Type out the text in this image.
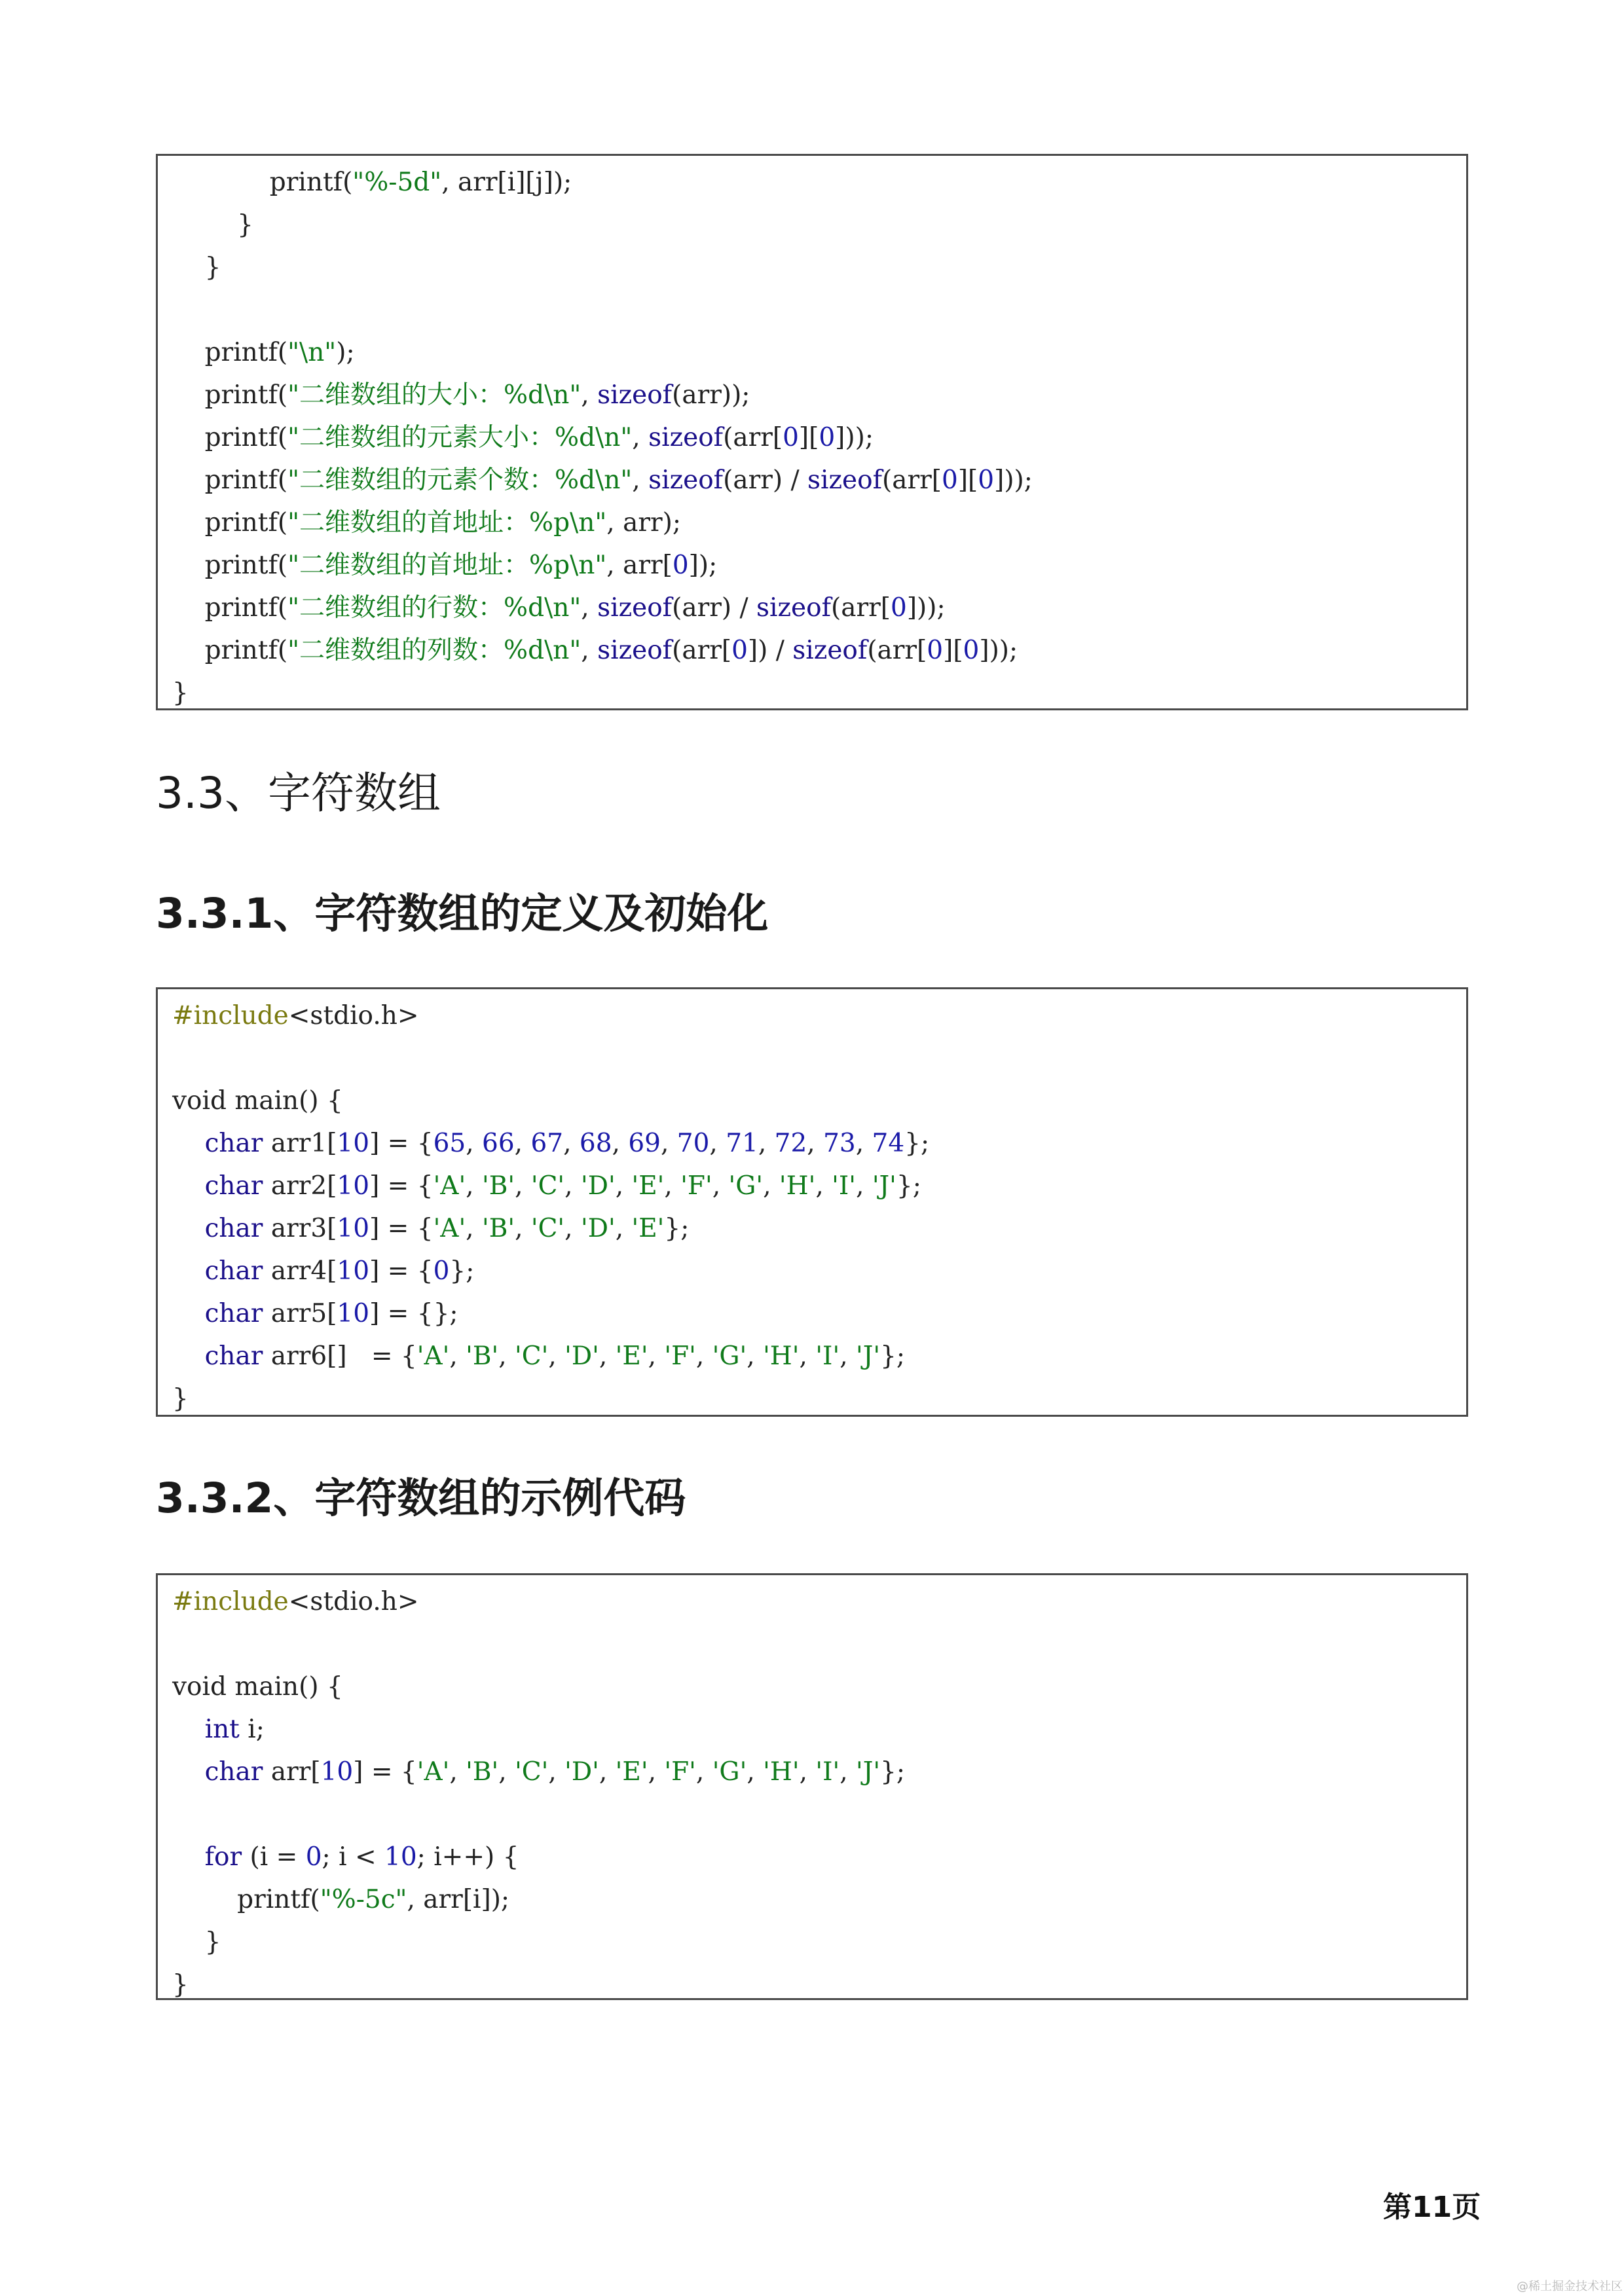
printf("%-5d", arr[i][j]);
}
}
printf("\n");
printf("二维数组的大小：%d\n", sizeof(arr));
printf("二维数组的元素大小：%d\n", sizeof(arr[0][0]));
printf("二维数组的元素个数：%d\n", sizeof(arr) / sizeof(arr[0][0]));
printf("二维数组的首地址：%p\n", arr);
printf("二维数组的首地址：%p\n", arr[0]);
printf("二维数组的行数：%d\n", sizeof(arr) / sizeof(arr[0]));
printf("二维数组的列数：%d\n", sizeof(arr[0]) / sizeof(arr[0][0]));
}
3.3、字符数组
3.3.1、字符数组的定义及初始化
#include<stdio.h>
void main() {
char arr1[10] = {65, 66, 67, 68, 69, 70, 71, 72, 73, 74};
char arr2[10] = {'A', 'B', 'C', 'D', 'E', 'F', 'G', 'H', 'I', 'J'};
char arr3[10] = {'A', 'B', 'C', 'D', 'E'};
char arr4[10] = {0};
char arr5[10] = {};
char arr6[]   = {'A', 'B', 'C', 'D', 'E', 'F', 'G', 'H', 'I', 'J'};
}
3.3.2、字符数组的示例代码
#include<stdio.h>
void main() {
int i;
char arr[10] = {'A', 'B', 'C', 'D', 'E', 'F', 'G', 'H', 'I', 'J'};
for (i = 0; i < 10; i++) {
printf("%-5c", arr[i]);
}
}
第11页
@稀土掘金技术社区
